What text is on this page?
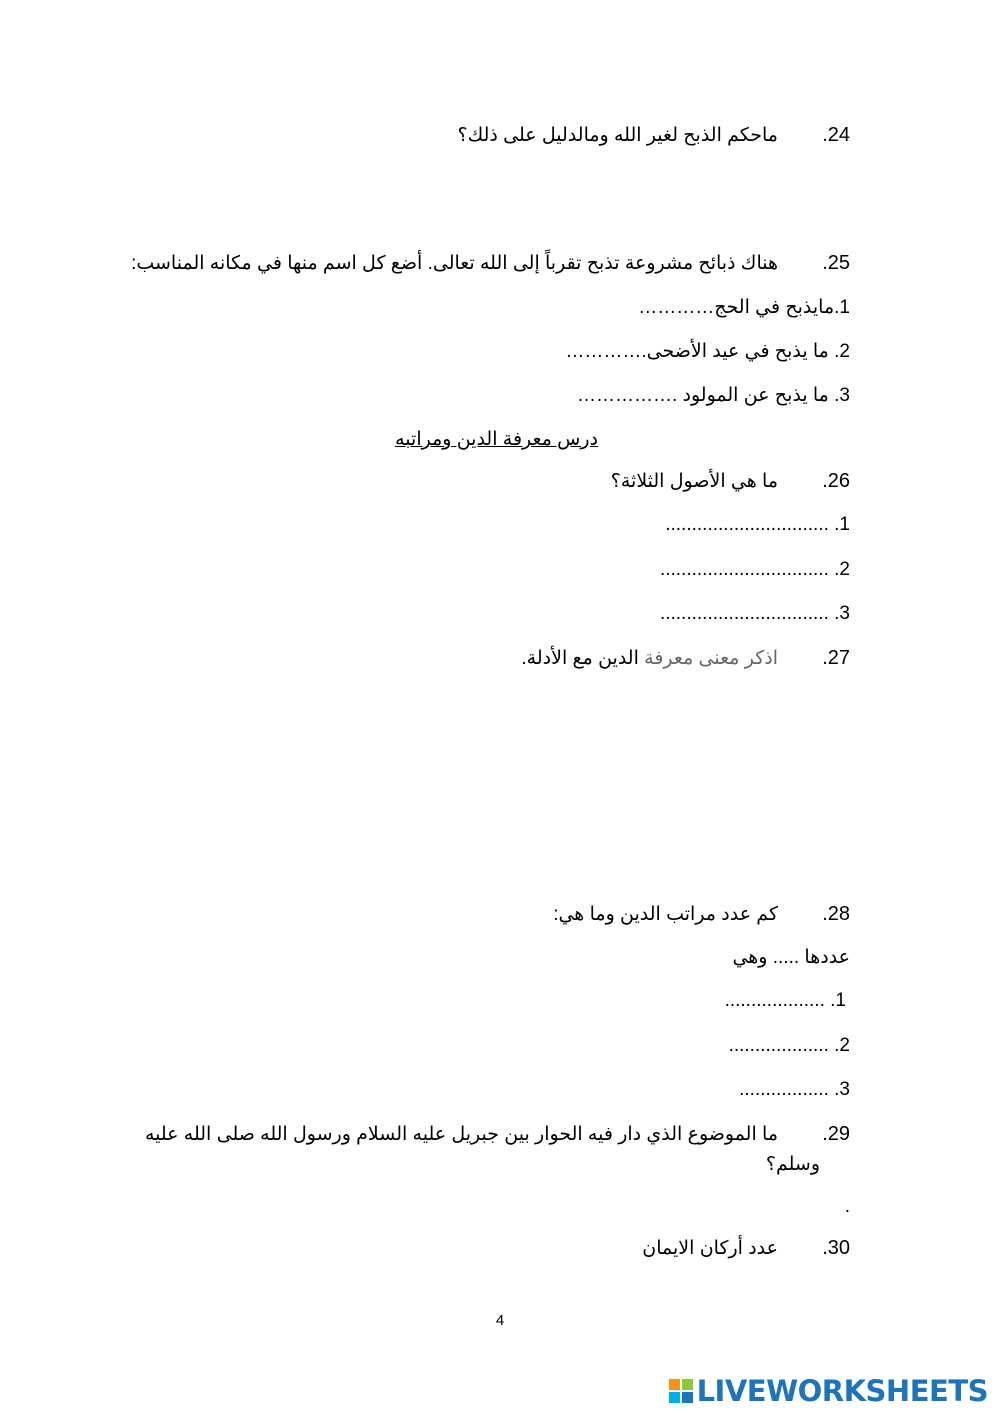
.24
ماحكم الذبح لغير الله ومالدليل على ذلك؟
.25
هناك ذبائح مشروعة تذبح تقرباً إلى الله تعالى. أضع كل اسم منها في مكانه المناسب:
1.مايذبح في الحج…………
2. ما يذبح في عيد الأضحى.…………
3. ما يذبح عن المولود .……………
درس معرفة الدين ومراتبه
.26
ما هي الأصول الثلاثة؟
1. ...............................
2. ................................
3. ................................
.27
اذكر معنى معرفة الدين مع الأدلة.
.28
كم عدد مراتب الدين وما هي:
عددها ..... وهي
1. ...................
2. ...................
3. .................
.29
ما الموضوع الذي دار فيه الحوار بين جبريل عليه السلام ورسول الله صلى الله عليه
وسلم؟
.
.30
عدد أركان الايمان
4
LIVEWORKSHEETS
